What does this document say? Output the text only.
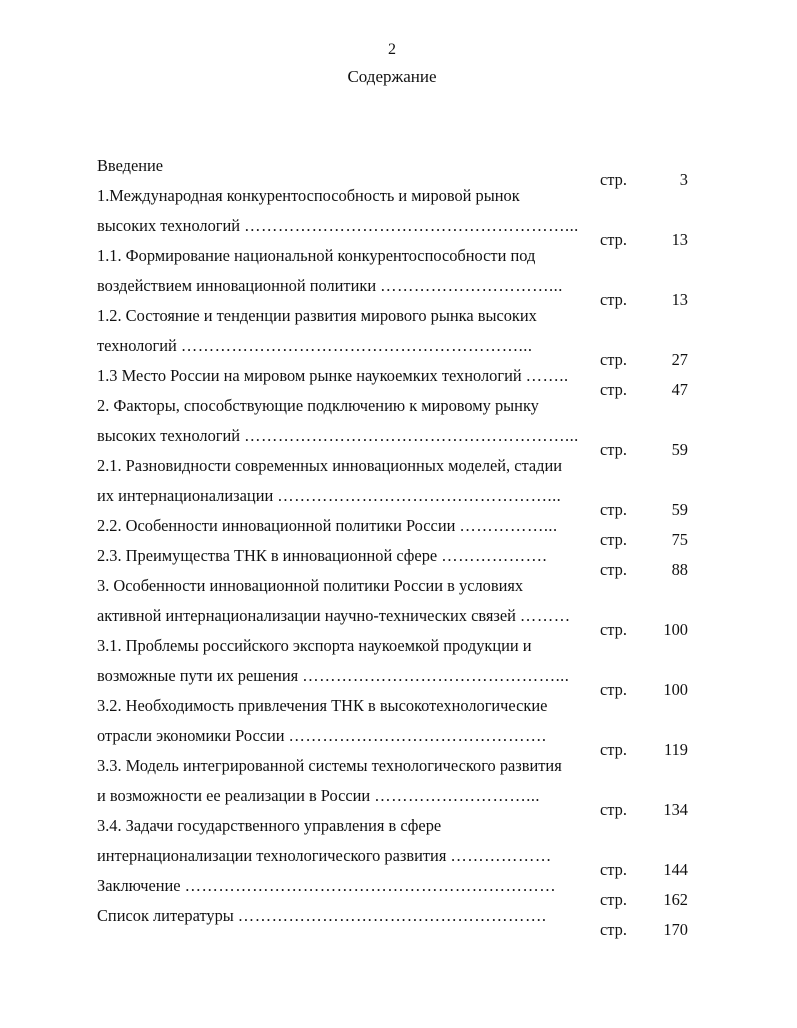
2
Содержание
Введение
стр.	3
1.Международная конкурентоспособность и мировой рынок
высоких технологий …………………………………………………...
стр.	13
1.1. Формирование национальной конкурентоспособности под
воздействием инновационной политики …………………………...
стр.	13
1.2. Состояние и тенденции развития мирового рынка высоких
технологий ……………………………………………………...
стр.	27
1.3 Место России на мировом рынке наукоемких технологий ……..
стр.	47
2. Факторы, способствующие подключению к мировому рынку
высоких технологий …………………………………………………...
стр.	59
2.1. Разновидности современных инновационных моделей, стадии
их интернационализации …………………………………………...
стр.	59
2.2. Особенности инновационной политики России ……………...
стр.	75
2.3. Преимущества ТНК в инновационной сфере ……………….
стр.	88
3. Особенности инновационной политики России в условиях
активной интернационализации научно-технических связей ………
стр. 100
3.1. Проблемы российского экспорта наукоемкой продукции и
возможные пути их решения ………………………………………...
стр. 100
3.2. Необходимость привлечения ТНК в высокотехнологические
отрасли экономики России ……………………………………….
стр. 119
3.3. Модель интегрированной системы технологического развития
и возможности ее реализации в России ………………………...
стр. 134
3.4. Задачи государственного управления в сфере
интернационализации технологического развития ………………
стр. 144
Заключение …………………………………………………………
стр. 162
Список литературы ……………………………………………….
стр. 170
